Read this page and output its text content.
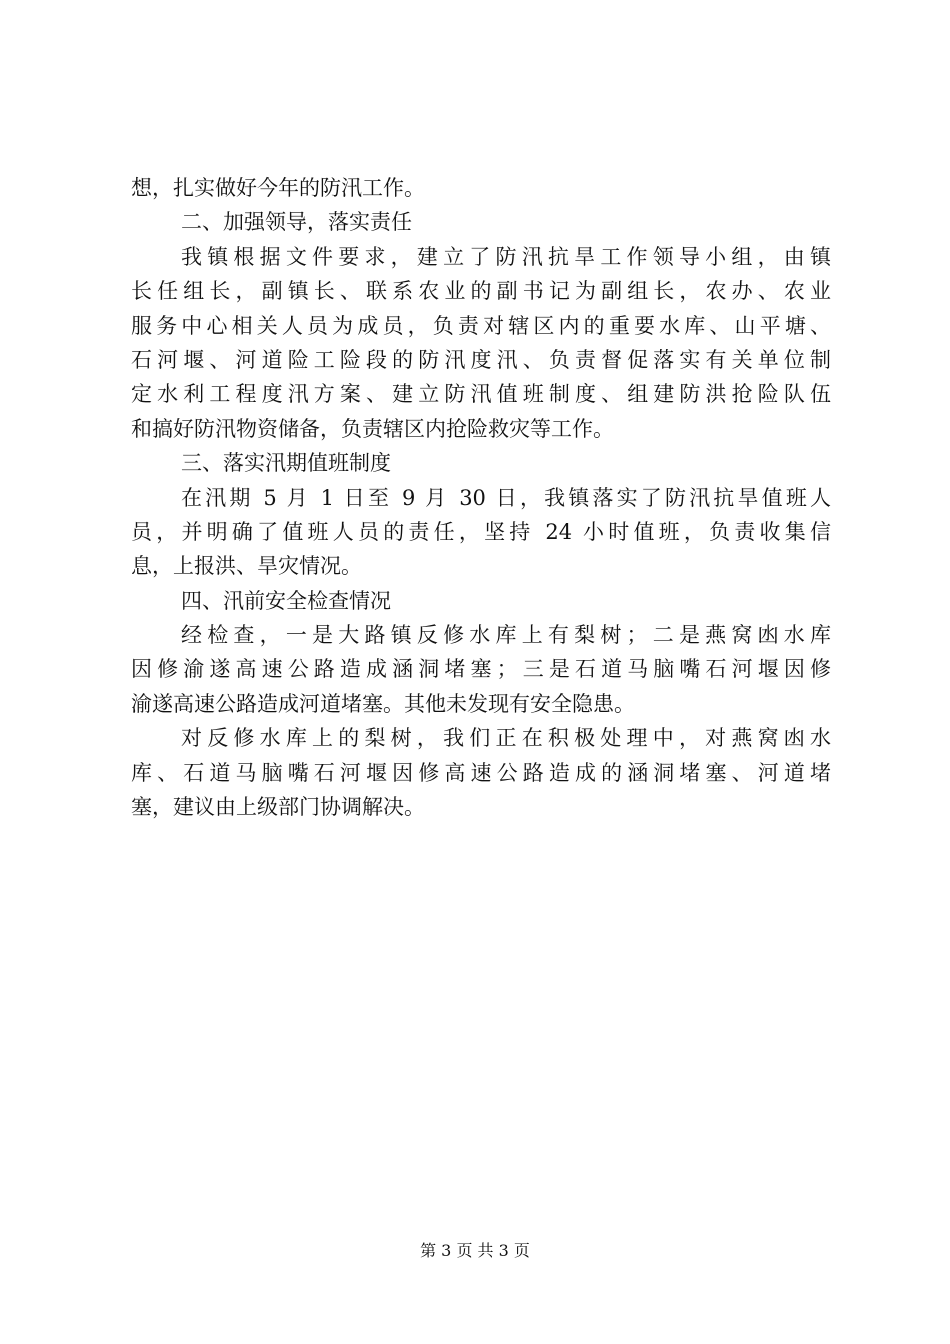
想，扎实做好今年的防汛工作。
二、加强领导，落实责任
我镇根据文件要求，建立了防汛抗旱工作领导小组，由镇
长任组长，副镇长、联系农业的副书记为副组长，农办、农业
服务中心相关人员为成员，负责对辖区内的重要水库、山平塘、
石河堰、河道险工险段的防汛度汛、负责督促落实有关单位制
定水利工程度汛方案、建立防汛值班制度、组建防洪抢险队伍
和搞好防汛物资储备，负责辖区内抢险救灾等工作。
三、落实汛期值班制度
在汛期 5 月 1 日至 9 月 30 日，我镇落实了防汛抗旱值班人
员，并明确了值班人员的责任，坚持 24 小时值班，负责收集信
息，上报洪、旱灾情况。
四、汛前安全检查情况
经检查，一是大路镇反修水库上有梨树；二是燕窝凼水库
因修渝遂高速公路造成涵洞堵塞；三是石道马脑嘴石河堰因修
渝遂高速公路造成河道堵塞。其他未发现有安全隐患。
对反修水库上的梨树，我们正在积极处理中，对燕窝凼水
库、石道马脑嘴石河堰因修高速公路造成的涵洞堵塞、河道堵
塞，建议由上级部门协调解决。
第 3 页 共 3 页
